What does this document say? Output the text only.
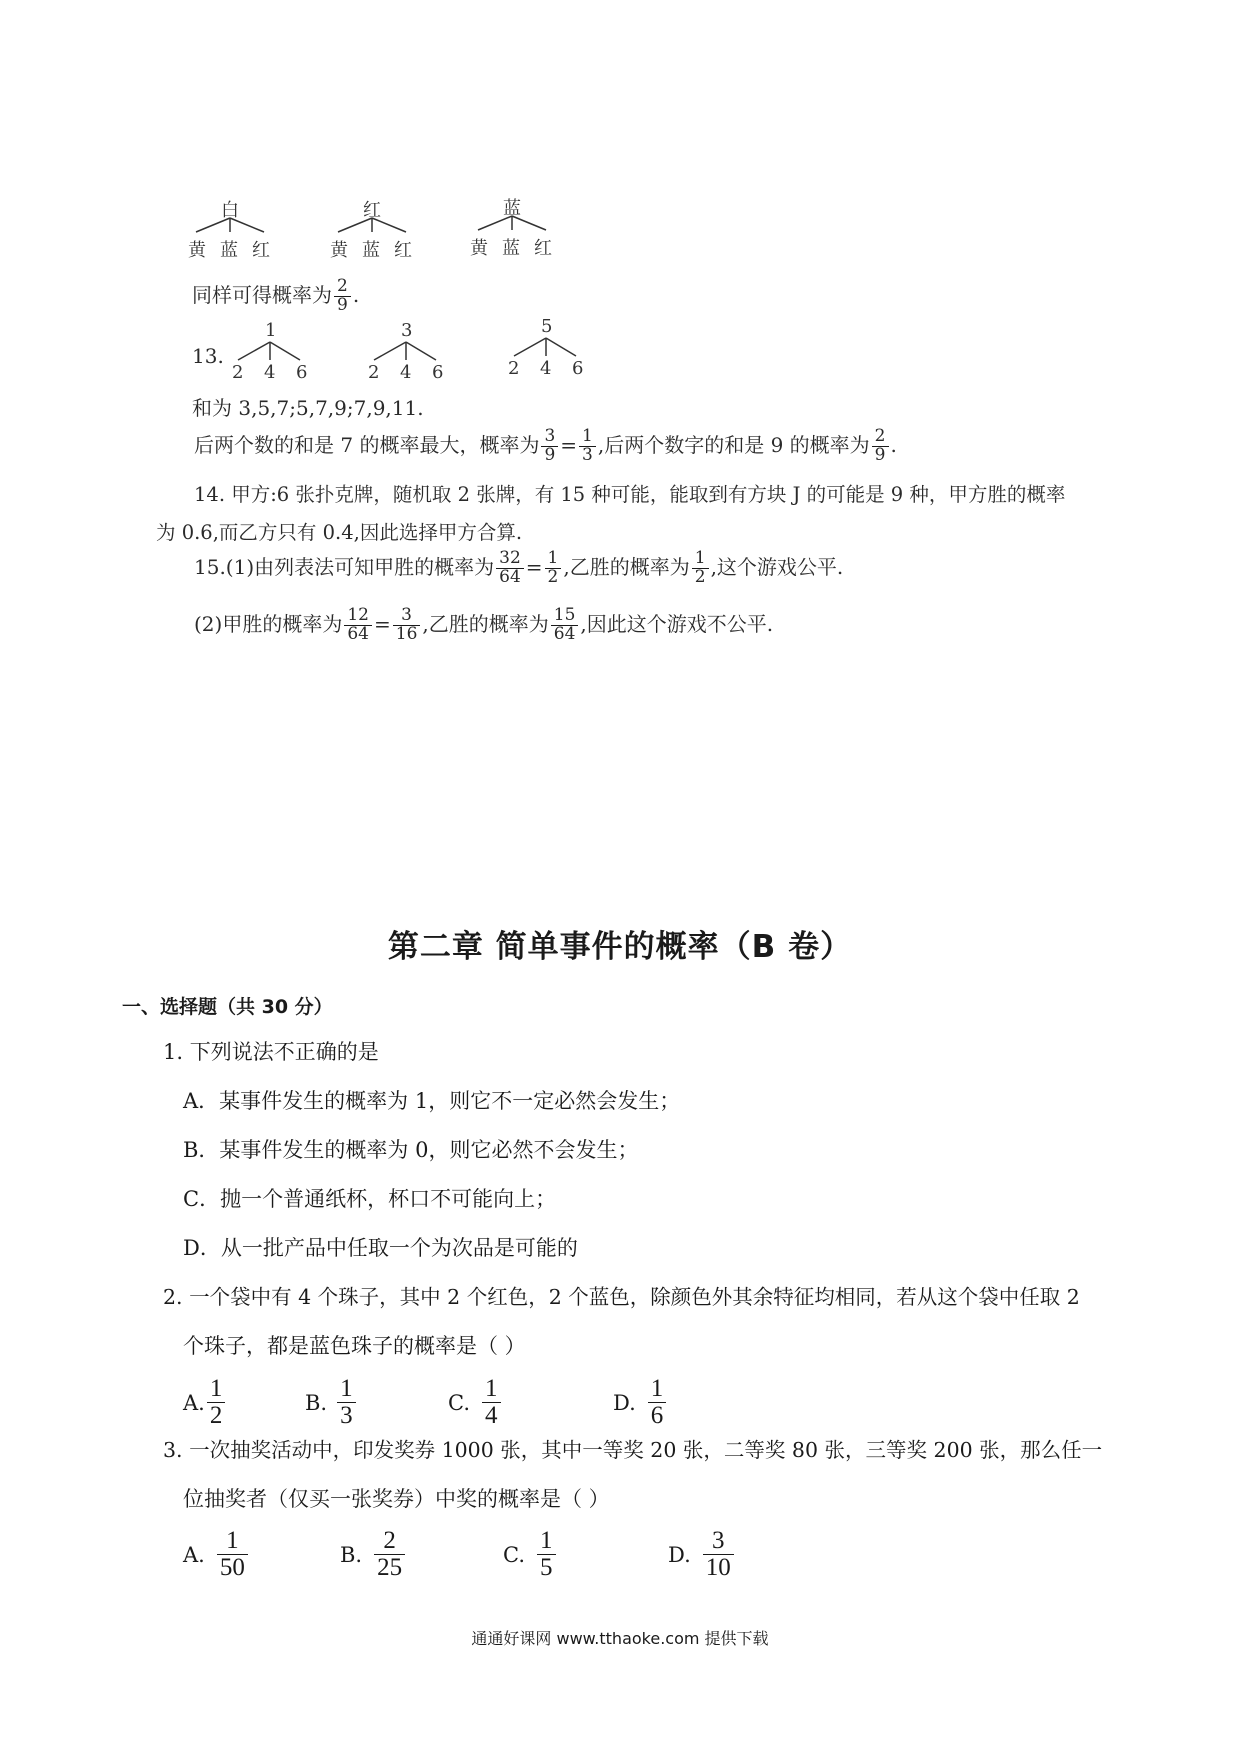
白
黄 蓝 红
红
黄 蓝 红
蓝
黄 蓝 红
同样可得概率为 $\frac{2}{9}$ .
13.
1
2 4 6
3
2 4 6
5
2 4 6
和为 3,5,7;5,7,9;7,9,11.
后两个数的和是 7 的概率最大，概率为 $\frac{3}{9} = \frac{1}{3}$ ,后两个数字的和是 9 的概率为 $\frac{2}{9}$ .
14. 甲方:6 张扑克牌，随机取 2 张牌，有 15 种可能，能取到有方块 J 的可能是 9 种，甲方胜的概率
为 0.6,而乙方只有 0.4,因此选择甲方合算.
15.(1)由列表法可知甲胜的概率为 $\frac{32}{64} = \frac{1}{2}$ ,乙胜的概率为 $\frac{1}{2}$ ,这个游戏公平.
(2)甲胜的概率为 $\frac{12}{64} = \frac{3}{16}$ ,乙胜的概率为 $\frac{15}{64}$ ,因此这个游戏不公平.
第二章 简单事件的概率（B 卷）
一、选择题（共 30 分）
1. 下列说法不正确的是
A．某事件发生的概率为 1，则它不一定必然会发生；
B．某事件发生的概率为 0，则它必然不会发生；
C．抛一个普通纸杯，杯口不可能向上；
D．从一批产品中任取一个为次品是可能的
2. 一个袋中有 4 个珠子，其中 2 个红色，2 个蓝色，除颜色外其余特征均相同，若从这个袋中任取 2
个珠子，都是蓝色珠子的概率是（ ）
A. $\frac{1}{2}$	B. $\frac{1}{3}$	C. $\frac{1}{4}$	D. $\frac{1}{6}$
3. 一次抽奖活动中，印发奖券 1000 张，其中一等奖 20 张，二等奖 80 张，三等奖 200 张，那么任一
位抽奖者（仅买一张奖券）中奖的概率是（ ）
A. $\frac{1}{50}$	B. $\frac{2}{25}$	C. $\frac{1}{5}$	D. $\frac{3}{10}$
通通好课网 www.tthaoke.com 提供下载
